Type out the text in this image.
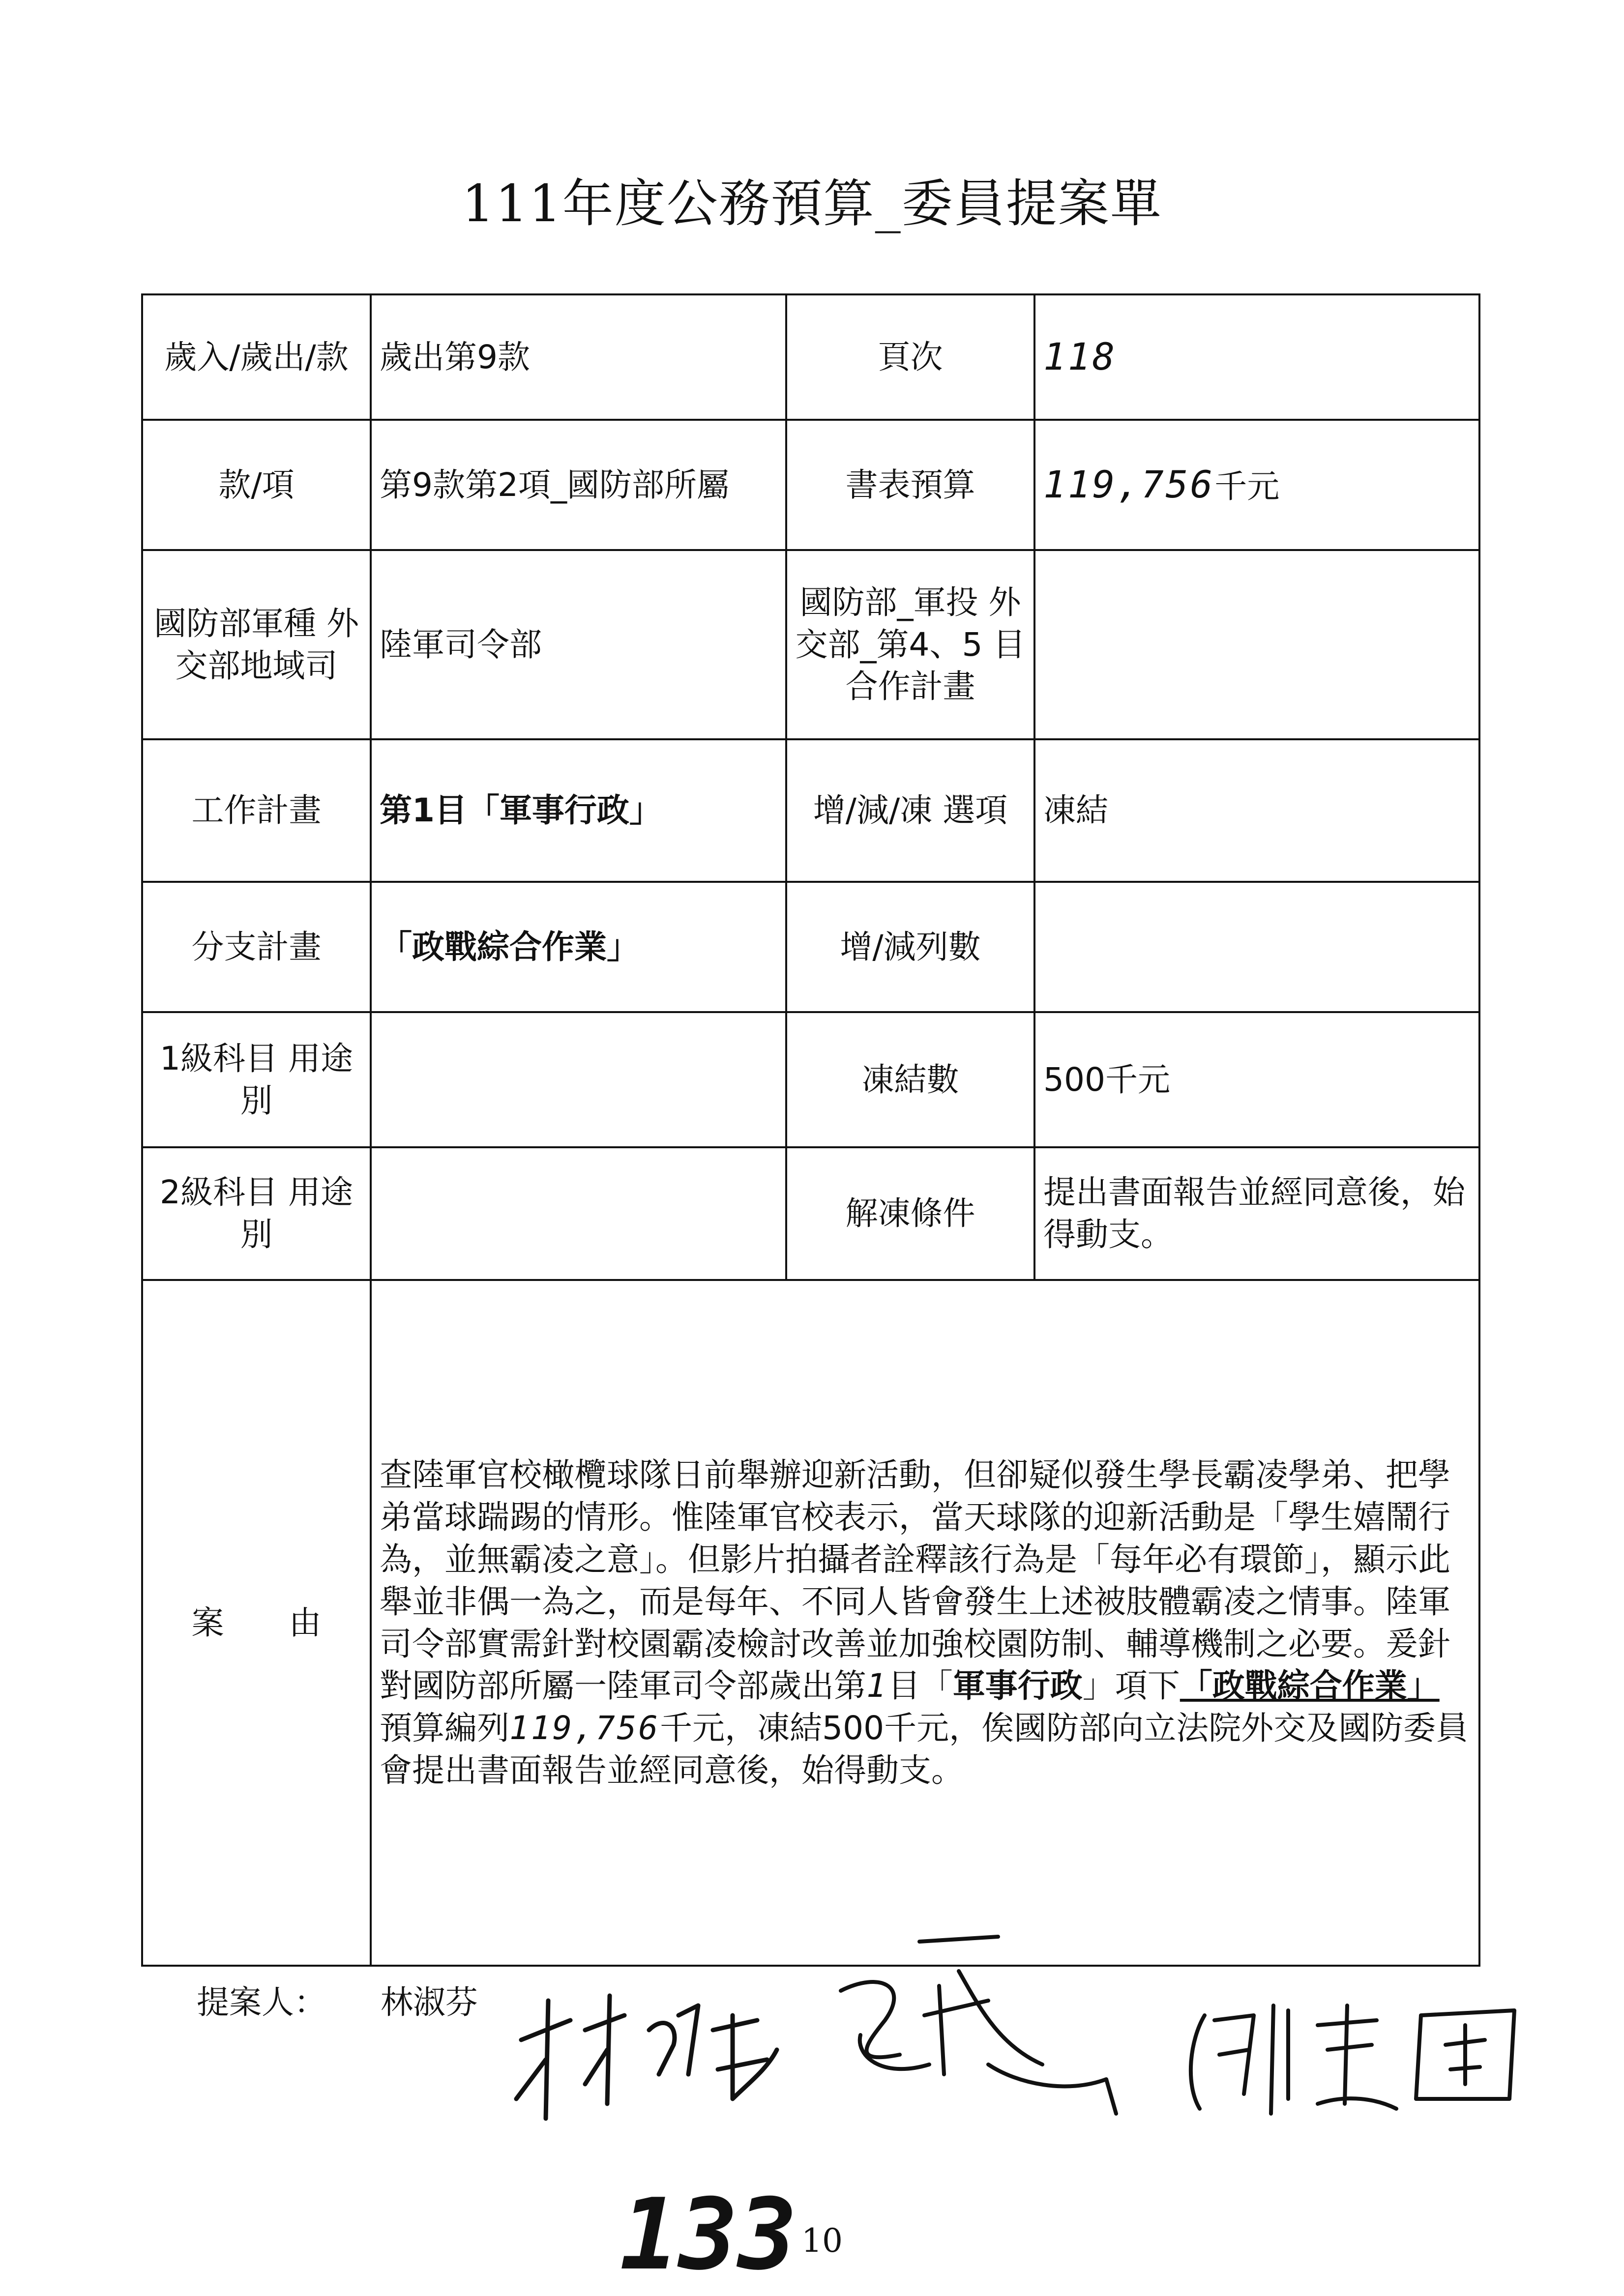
111年度公務預算_委員提案單
歲入/歲出/款	歲出第9款	頁次	118
款/項	第9款第2項_國防部所屬	書表預算	119,756千元
國防部軍種 外交部地域司	陸軍司令部	國防部_軍投 外交部_第4、5 目合作計畫	
工作計畫	第1目「軍事行政」	增/減/凍 選項	凍結
分支計畫	「政戰綜合作業」	增/減列數	
1級科目 用途別		凍結數	500千元
2級科目 用途別		解凍條件	提出書面報告並經同意後，始得動支。
案　　由	查陸軍官校橄欖球隊日前舉辦迎新活動，但卻疑似發生學長霸凌學弟、把學弟當球踹踢的情形。惟陸軍官校表示，當天球隊的迎新活動是「學生嬉鬧行為，並無霸凌之意」。但影片拍攝者詮釋該行為是「每年必有環節」，顯示此舉並非偶一為之，而是每年、不同人皆會發生上述被肢體霸凌之情事。陸軍司令部實需針對校園霸凌檢討改善並加強校園防制、輔導機制之必要。爰針對國防部所屬一陸軍司令部歲出第1目「軍事行政」項下「政戰綜合作業」預算編列119,756千元，凍結500千元，俟國防部向立法院外交及國防委員會提出書面報告並經同意後，始得動支。		

提案人： 林淑芬
劉建國
133 10
